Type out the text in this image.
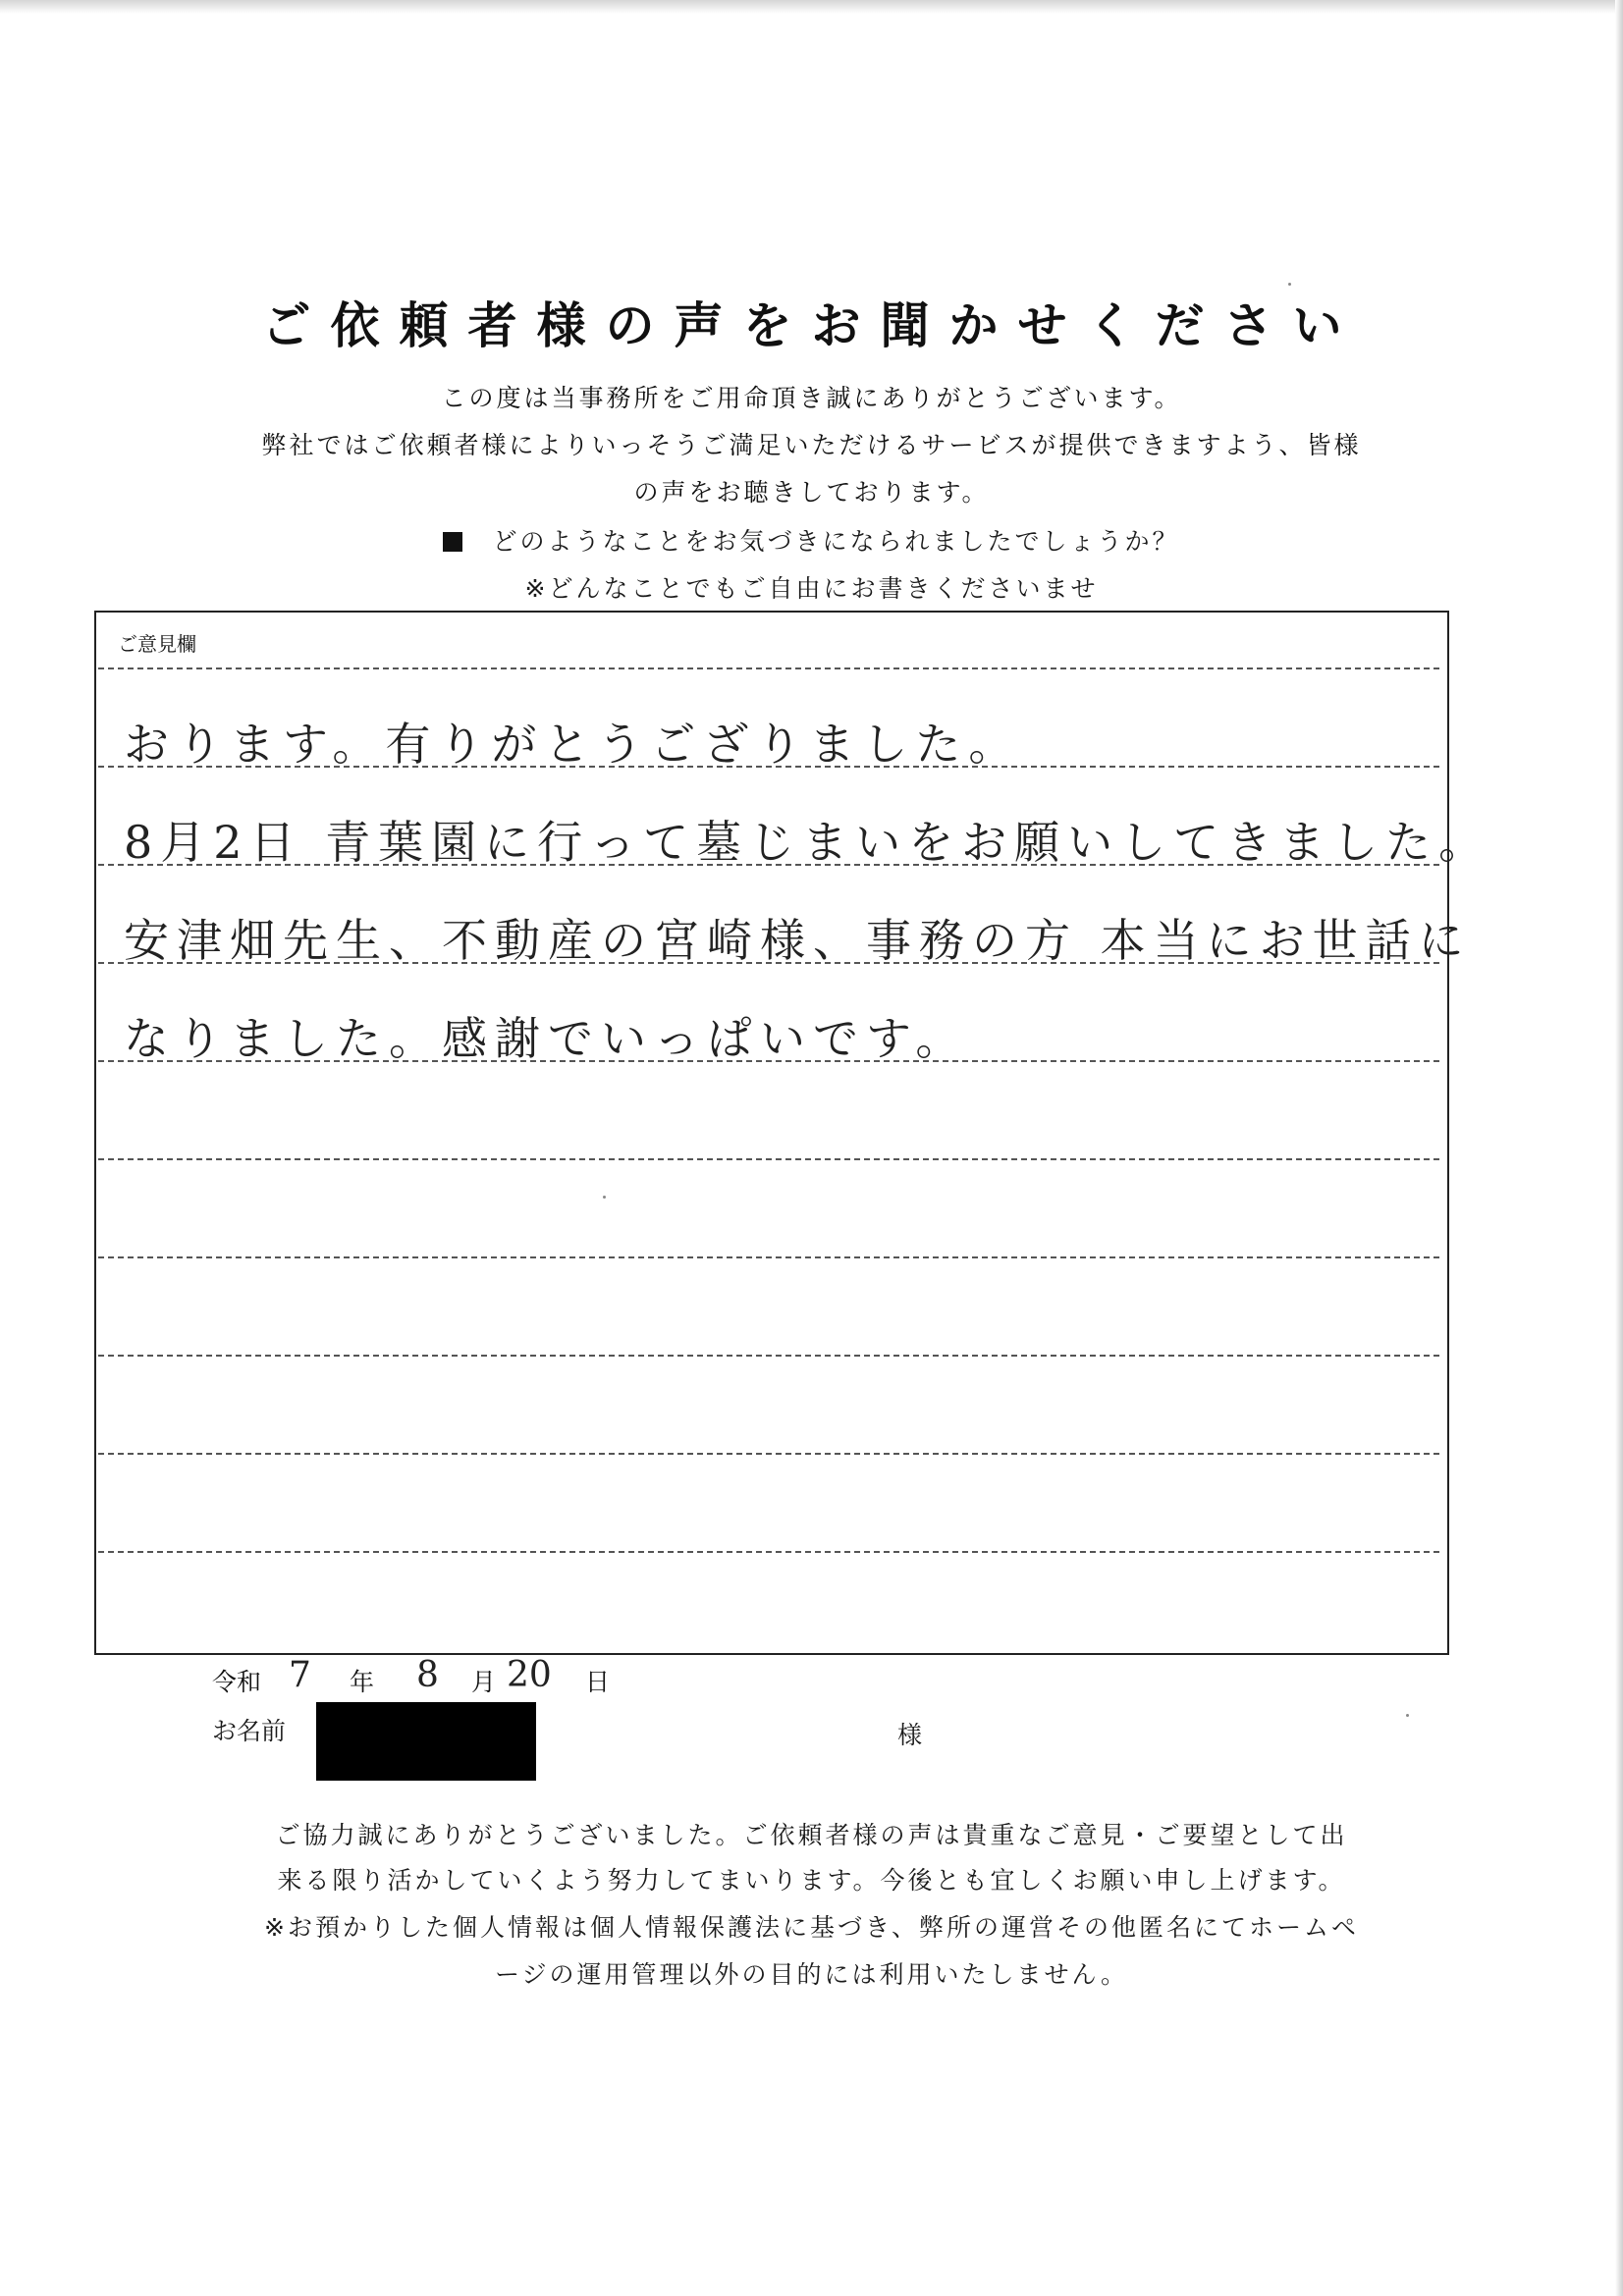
ご依頼者様の声をお聞かせください
この度は当事務所をご用命頂き誠にありがとうございます。
弊社ではご依頼者様によりいっそうご満足いただけるサービスが提供できますよう、皆様
の声をお聴きしております。
どのようなことをお気づきになられましたでしょうか？
※どんなことでもご自由にお書きくださいませ
ご意見欄
おります。有りがとうござりました。
8月2日 青葉園に行って墓じまいをお願いしてきました。
安津畑先生、不動産の宮崎様、事務の方 本当にお世話に
なりました。感謝でいっぱいです。
令和 7 年 8 月 20 日
お名前	様
ご協力誠にありがとうございました。ご依頼者様の声は貴重なご意見・ご要望として出
来る限り活かしていくよう努力してまいります。今後とも宜しくお願い申し上げます。
※お預かりした個人情報は個人情報保護法に基づき、弊所の運営その他匿名にてホームペ
ージの運用管理以外の目的には利用いたしません。
